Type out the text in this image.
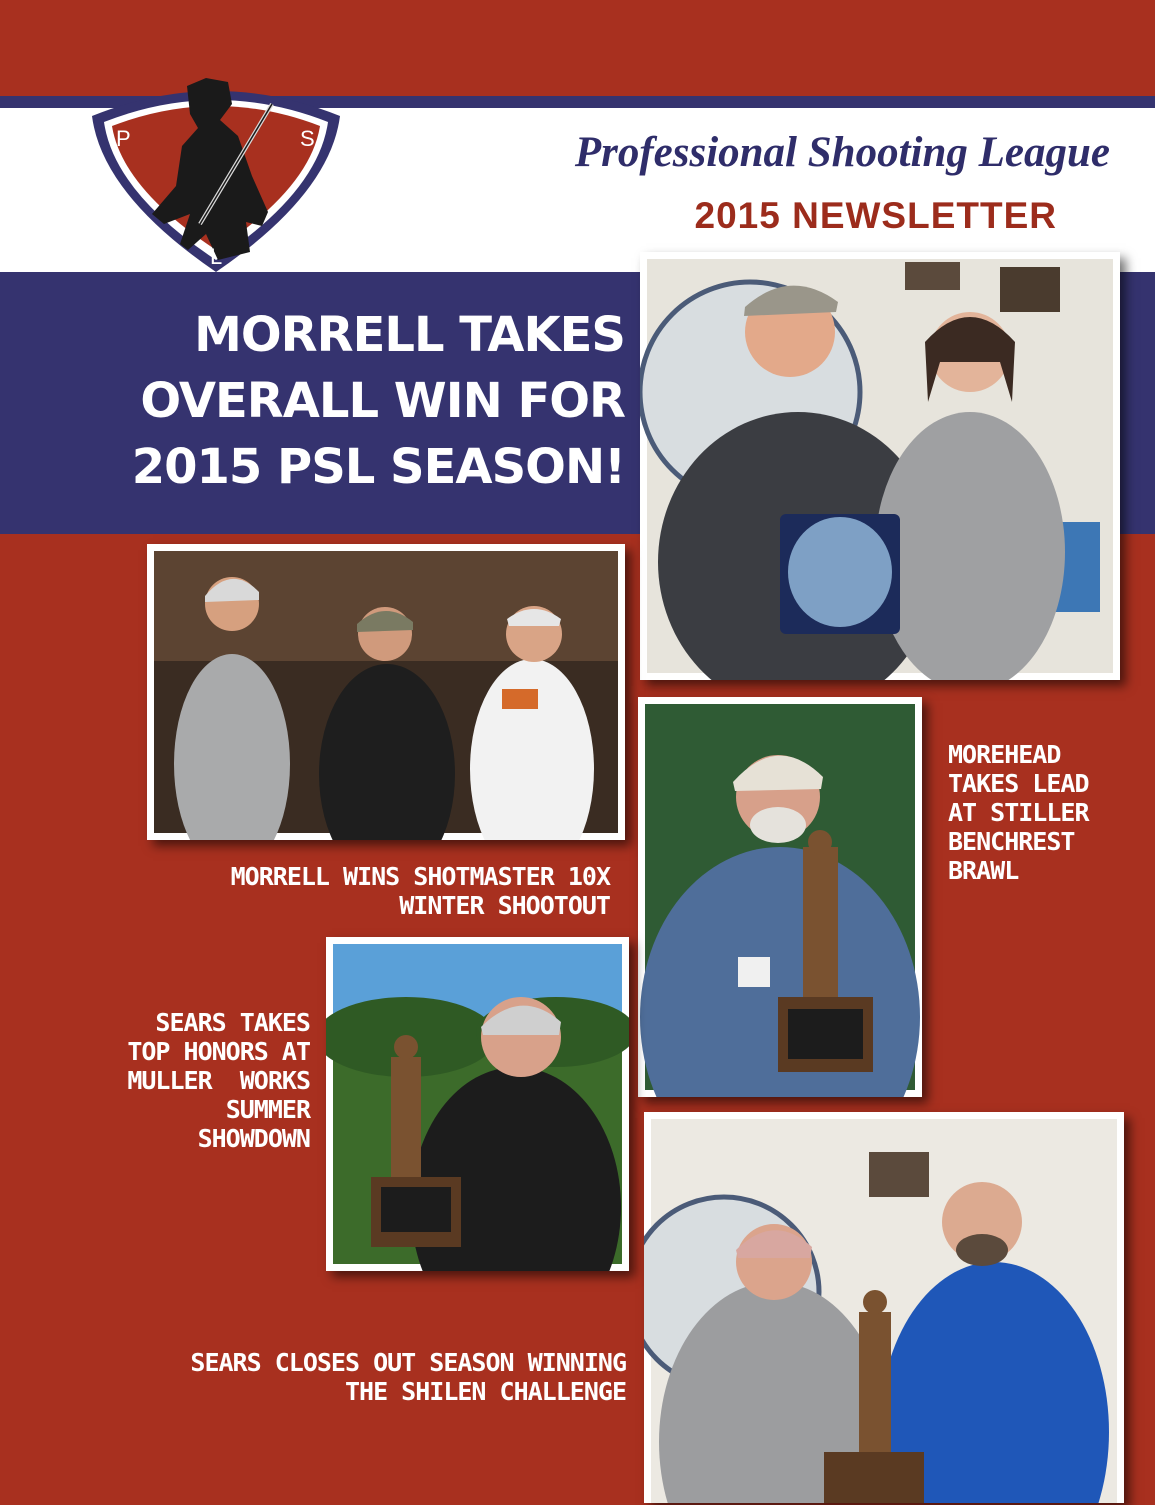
P	S
L
Professional Shooting League
2015 NEWSLETTER
MORRELL TAKES
OVERALL WIN FOR
2015 PSL SEASON!
MORRELL WINS SHOTMASTER 10X
WINTER SHOOTOUT
MOREHEAD
TAKES LEAD
AT STILLER
BENCHREST
BRAWL
SEARS TAKES
TOP HONORS AT
MULLER  WORKS
SUMMER
SHOWDOWN
SEARS CLOSES OUT SEASON WINNING
THE SHILEN CHALLENGE
